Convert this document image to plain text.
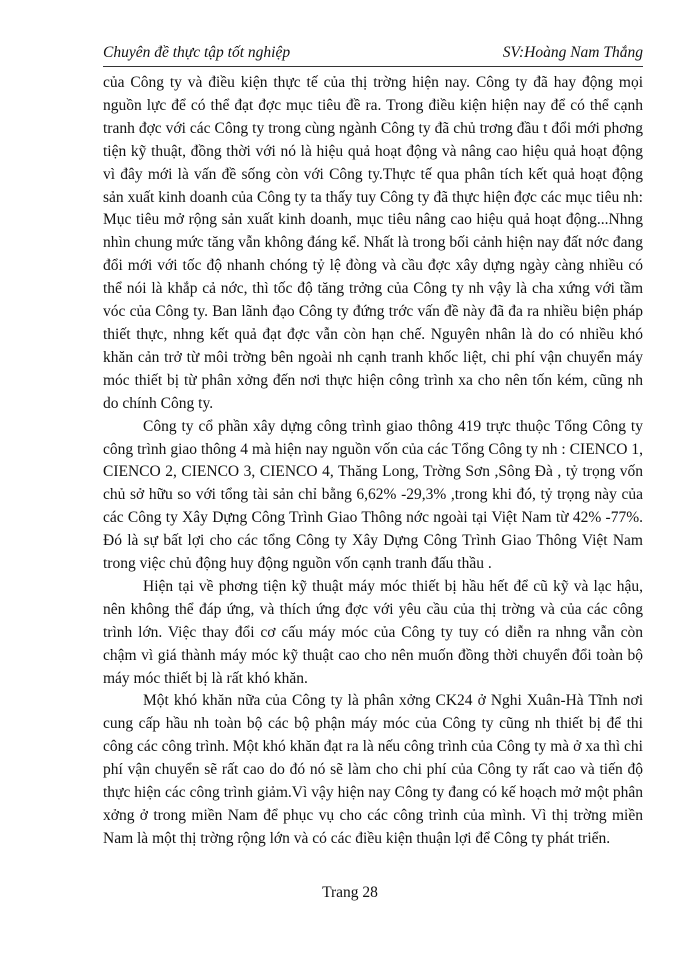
Chuyên đề thực tập tốt nghiệp	SV:Hoàng Nam Thắng

của Công ty và điều kiện thực tế của thị trờng hiện nay. Công ty đã hay động mọi nguồn lực để có thể đạt đợc mục tiêu đề ra. Trong điều kiện hiện nay để có thể cạnh tranh đợc với các Công ty trong cùng ngành Công ty đã chủ trơng đầu t đổi mới phơng tiện kỹ thuật, đồng thời với nó là hiệu quả hoạt động và nâng cao hiệu quả hoạt động vì đây mới là vấn đề sống còn với Công ty.Thực tế qua phân tích kết quả hoạt động sản xuất kinh doanh của Công ty ta thấy tuy Công ty đã thực hiện đợc các mục tiêu nh: Mục tiêu mở rộng sản xuất kinh doanh, mục tiêu nâng cao hiệu quả hoạt động...Nhng nhìn chung mức tăng vẫn không đáng kể. Nhất là trong bối cảnh hiện nay đất nớc đang đổi mới với tốc độ nhanh chóng tỷ lệ đòng và cầu đợc xây dựng ngày càng nhiều có thể nói là khắp cả nớc, thì tốc độ tăng trởng của Công ty nh vậy là cha xứng với tầm vóc của Công ty. Ban lãnh đạo Công ty đứng trớc vấn đề này đã đa ra nhiều biện pháp thiết thực, nhng kết quả đạt đợc vẫn còn hạn chế. Nguyên nhân là do có nhiều khó khăn cản trở từ môi trờng bên ngoài nh cạnh tranh khốc liệt, chi phí vận chuyển máy móc thiết bị từ phân xởng đến nơi thực hiện công trình xa cho nên tốn kém, cũng nh do chính Công ty.

Công ty cổ phần xây dựng công trình giao thông 419 trực thuộc Tổng Công ty công trình giao thông 4 mà hiện nay nguồn vốn của các Tổng Công ty nh : CIENCO 1, CIENCO 2, CIENCO 3, CIENCO 4, Thăng Long, Trờng Sơn ,Sông Đà , tỷ trọng vốn chủ sở hữu so với tổng tài sản chỉ bằng 6,62% -29,3% ,trong khi đó, tỷ trọng này của các Công ty Xây Dựng Công Trình Giao Thông nớc ngoài tại Việt Nam từ 42% -77%. Đó là sự bất lợi cho các tổng Công ty Xây Dựng Công Trình Giao Thông Việt Nam trong việc chủ động huy động nguồn vốn cạnh tranh đấu thầu .

Hiện tại về phơng tiện kỹ thuật máy móc thiết bị hầu hết để cũ kỹ và lạc hậu, nên không thể đáp ứng, và thích ứng đợc với yêu cầu của thị trờng và của các công trình lớn. Việc thay đổi cơ cấu máy móc của Công ty tuy có diễn ra nhng vẫn còn chậm vì giá thành máy móc kỹ thuật cao cho nên muốn đồng thời chuyển đổi toàn bộ máy móc thiết bị là rất khó khăn.

Một khó khăn nữa của Công ty là phân xởng CK24 ở Nghi Xuân-Hà Tĩnh nơi cung cấp hầu nh toàn bộ các bộ phận máy móc của Công ty cũng nh thiết bị để thi công các công trình. Một khó khăn đạt ra là nếu công trình của Công ty mà ở xa thì chi phí vận chuyển sẽ rất cao do đó nó sẽ làm cho chi phí của Công ty rất cao và tiến độ thực hiện các công trình giảm.Vì vậy hiện nay Công ty đang có kế hoạch mở một phân xởng ở trong miền Nam để phục vụ cho các công trình của mình. Vì thị trờng miền Nam là một thị trờng rộng lớn và có các điều kiện thuận lợi để Công ty phát triển.

Trang 28
